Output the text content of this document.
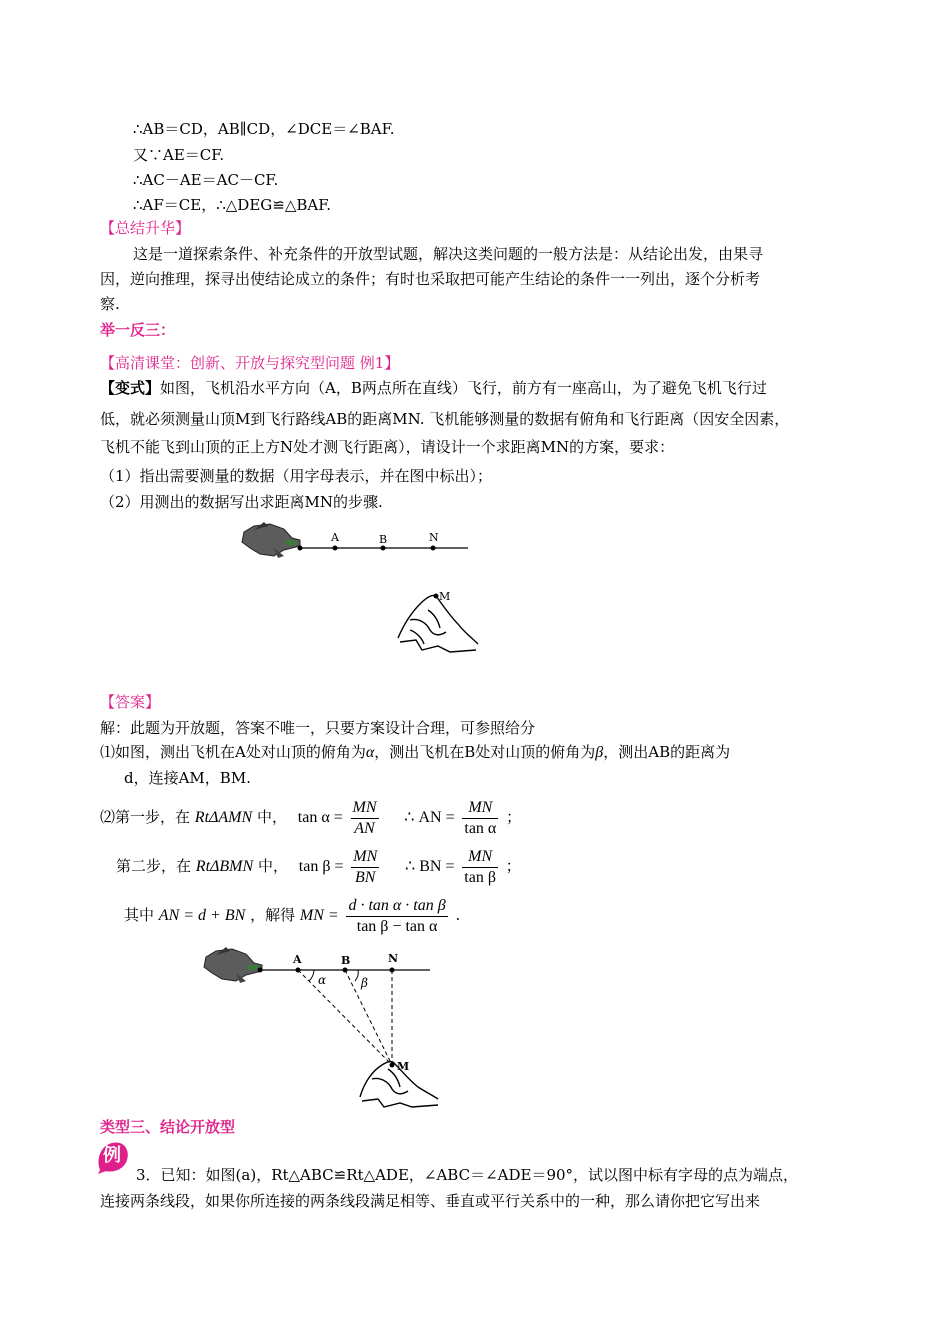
∴AB＝CD，AB∥CD，∠DCE＝∠BAF.
又∵AE＝CF.
∴AC－AE＝AC－CF.
∴AF＝CE，∴△DEG≌△BAF.
【总结升华】
这是一道探索条件、补充条件的开放型试题，解决这类问题的一般方法是：从结论出发，由果寻
因，逆向推理，探寻出使结论成立的条件；有时也采取把可能产生结论的条件一一列出，逐个分析考
察.
举一反三：
【高清课堂：创新、开放与探究型问题 例1】
【变式】如图，飞机沿水平方向（A，B两点所在直线）飞行，前方有一座高山，为了避免飞机飞行过
低，就必须测量山顶M到飞行路线AB的距离MN. 飞机能够测量的数据有俯角和飞行距离（因安全因素，
飞机不能飞到山顶的正上方N处才测飞行距离），请设计一个求距离MN的方案，要求：
（1）指出需要测量的数据（用字母表示，并在图中标出）；
（2）用测出的数据写出求距离MN的步骤.
A	B	N
M
【答案】
解：此题为开放题，答案不唯一，只要方案设计合理，可参照给分
⑴如图，测出飞机在A处对山顶的俯角为α，测出飞机在B处对山顶的俯角为β，测出AB的距离为
d，连接AM，BM.
⑵第一步，在 RtΔAMN 中， $\tan \alpha = \frac{MN}{AN}$ ∴ AN = $\frac{MN}{\text{tan α}}$ ；
第二步，在 RtΔBMN 中， $\tan \beta = \frac{MN}{BN}$ ∴ BN = $\frac{MN}{\text{tan β}}$ ；
其中 AN = d + BN ，解得 MN = $\frac{\text{d · tan α · tan β}}{\text{tan β − tan α}}$ .
A	B	N
α	β
M
类型三、结论开放型
例
3．已知：如图(a)，Rt△ABC≌Rt△ADE，∠ABC＝∠ADE＝90°，试以图中标有字母的点为端点，
连接两条线段，如果你所连接的两条线段满足相等、垂直或平行关系中的一种，那么请你把它写出来
